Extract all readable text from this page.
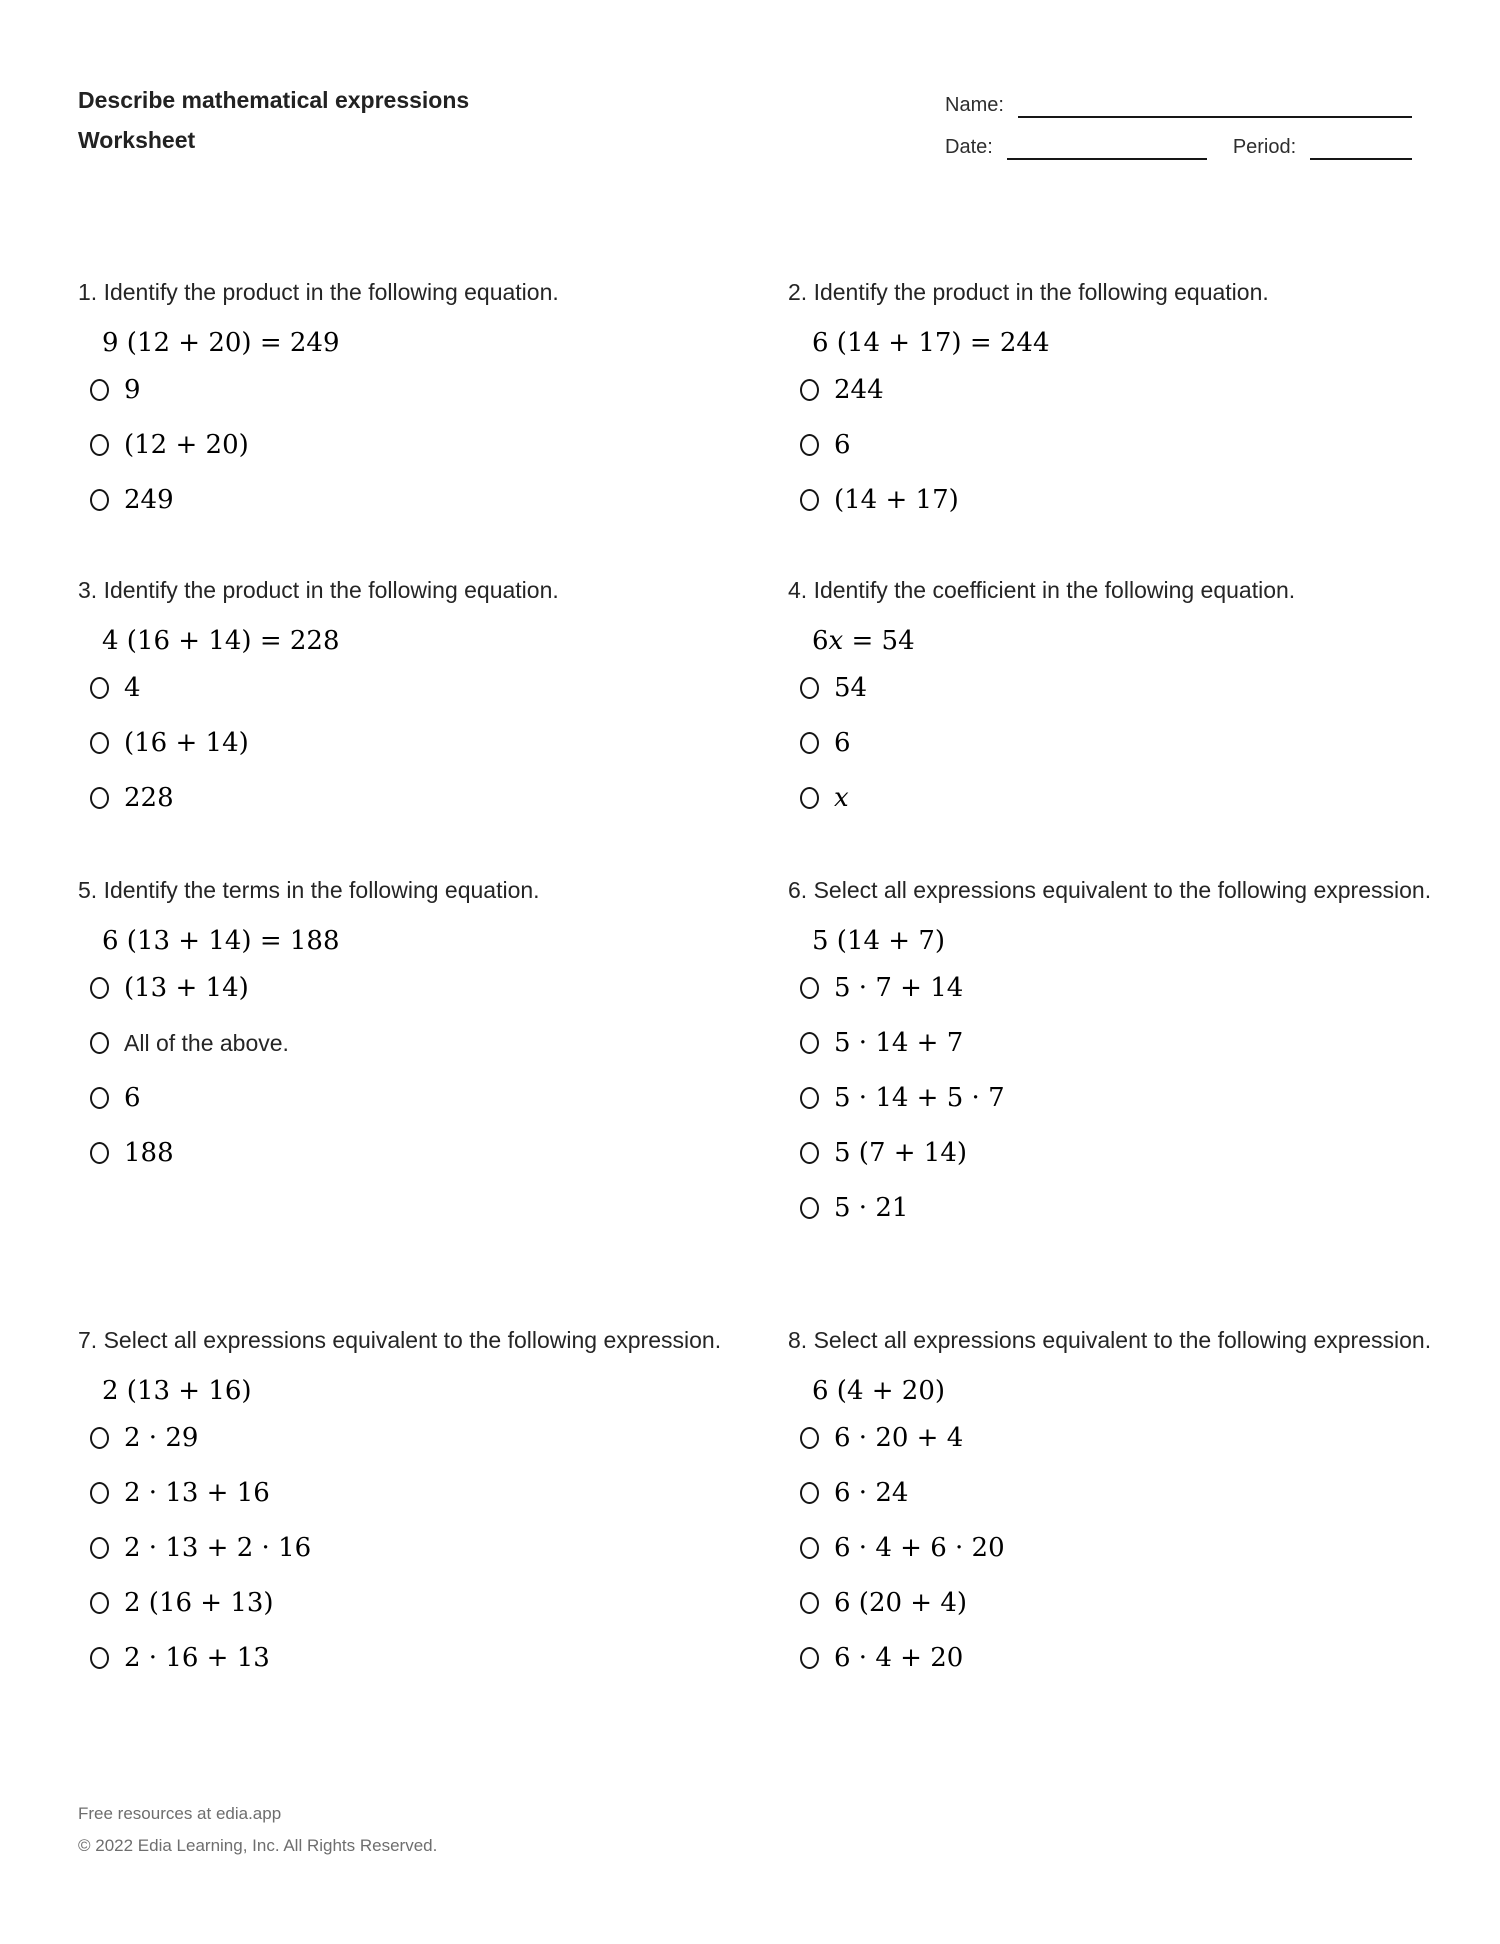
Describe mathematical expressions
Worksheet
Name:
Date:	Period:
1. Identify the product in the following equation.
9 (12 + 20) = 249
9
(12 + 20)
249
2. Identify the product in the following equation.
6 (14 + 17) = 244
244
6
(14 + 17)
3. Identify the product in the following equation.
4 (16 + 14) = 228
4
(16 + 14)
228
4. Identify the coefficient in the following equation.
6x = 54
54
6
x
5. Identify the terms in the following equation.
6 (13 + 14) = 188
(13 + 14)
All of the above.
6
188
6. Select all expressions equivalent to the following expression.
5 (14 + 7)
5 · 7 + 14
5 · 14 + 7
5 · 14 + 5 · 7
5 (7 + 14)
5 · 21
7. Select all expressions equivalent to the following expression.
2 (13 + 16)
2 · 29
2 · 13 + 16
2 · 13 + 2 · 16
2 (16 + 13)
2 · 16 + 13
8. Select all expressions equivalent to the following expression.
6 (4 + 20)
6 · 20 + 4
6 · 24
6 · 4 + 6 · 20
6 (20 + 4)
6 · 4 + 20
Free resources at edia.app
© 2022 Edia Learning, Inc. All Rights Reserved.
